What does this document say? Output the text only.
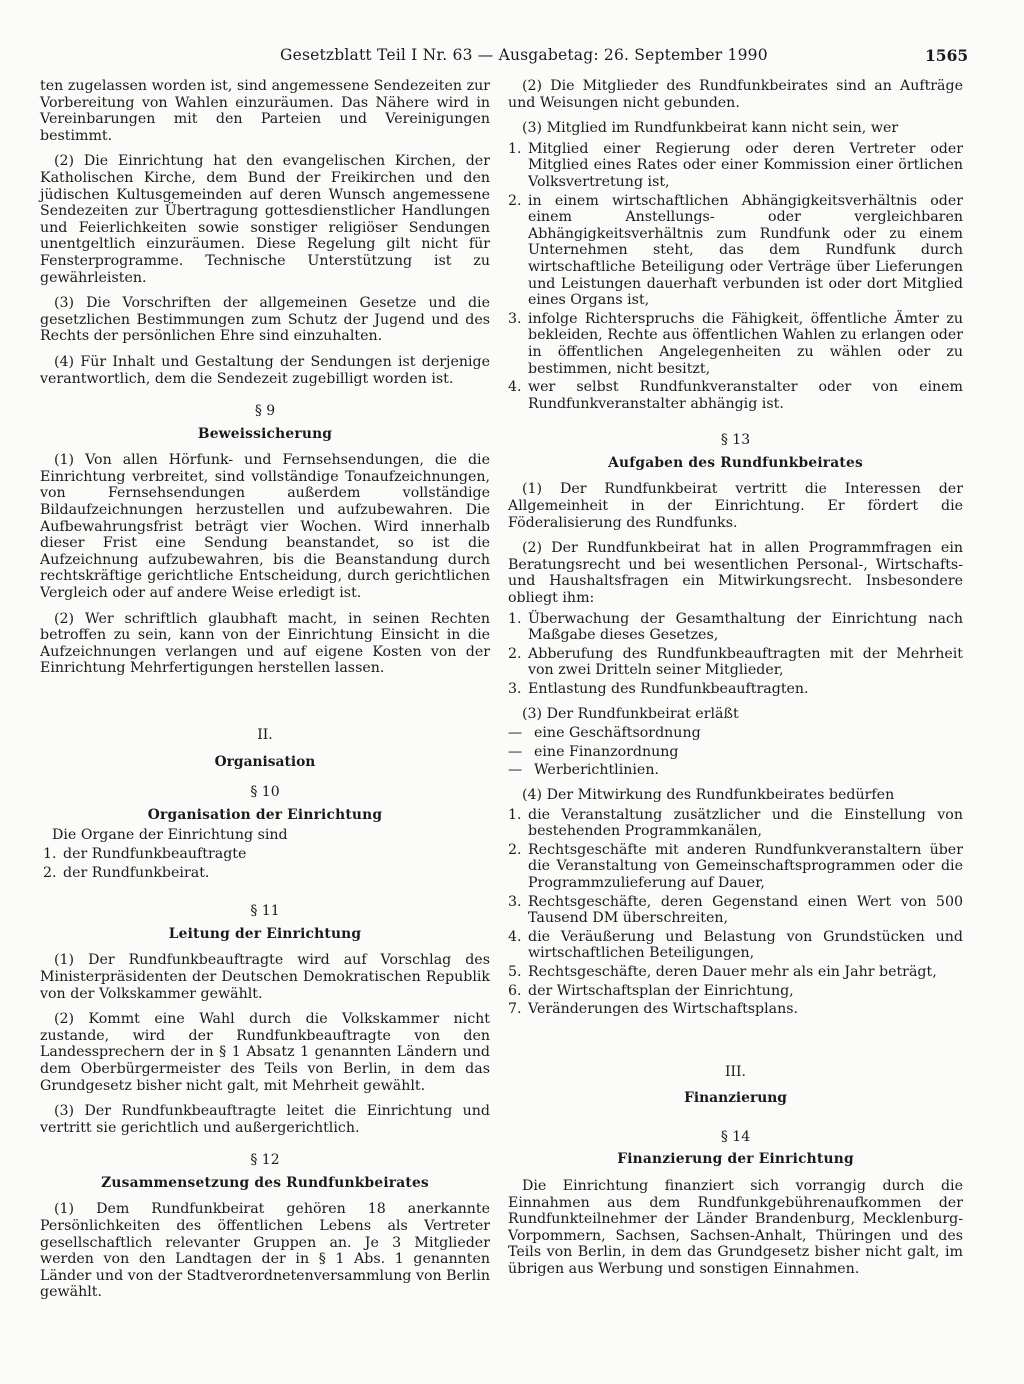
Gesetzblatt Teil I Nr. 63 — Ausgabetag: 26. September 1990	1565

ten zugelassen worden ist, sind angemessene Sendezeiten zur Vorbereitung von Wahlen einzuräumen. Das Nähere wird in Vereinbarungen mit den Parteien und Vereinigungen bestimmt.

(2) Die Einrichtung hat den evangelischen Kirchen, der Katholischen Kirche, dem Bund der Freikirchen und den jüdischen Kultusgemeinden auf deren Wunsch angemessene Sendezeiten zur Übertragung gottesdienstlicher Handlungen und Feierlichkeiten sowie sonstiger religiöser Sendungen unentgeltlich einzuräumen. Diese Regelung gilt nicht für Fensterprogramme. Technische Unterstützung ist zu gewährleisten.

(3) Die Vorschriften der allgemeinen Gesetze und die gesetzlichen Bestimmungen zum Schutz der Jugend und des Rechts der persönlichen Ehre sind einzuhalten.

(4) Für Inhalt und Gestaltung der Sendungen ist derjenige verantwortlich, dem die Sendezeit zugebilligt worden ist.

§ 9
Beweissicherung

(1) Von allen Hörfunk- und Fernsehsendungen, die die Einrichtung verbreitet, sind vollständige Tonaufzeichnungen, von Fernsehsendungen außerdem vollständige Bildaufzeichnungen herzustellen und aufzubewahren. Die Aufbewahrungsfrist beträgt vier Wochen. Wird innerhalb dieser Frist eine Sendung beanstandet, so ist die Aufzeichnung aufzubewahren, bis die Beanstandung durch rechtskräftige gerichtliche Entscheidung, durch gerichtlichen Vergleich oder auf andere Weise erledigt ist.

(2) Wer schriftlich glaubhaft macht, in seinen Rechten betroffen zu sein, kann von der Einrichtung Einsicht in die Aufzeichnungen verlangen und auf eigene Kosten von der Einrichtung Mehrfertigungen herstellen lassen.

II.
Organisation
§ 10
Organisation der Einrichtung

Die Organe der Einrichtung sind

1. der Rundfunkbeauftragte
2. der Rundfunkbeirat.
§ 11
Leitung der Einrichtung

(1) Der Rundfunkbeauftragte wird auf Vorschlag des Ministerpräsidenten der Deutschen Demokratischen Republik von der Volkskammer gewählt.

(2) Kommt eine Wahl durch die Volkskammer nicht zustande, wird der Rundfunkbeauftragte von den Landessprechern der in § 1 Absatz 1 genannten Ländern und dem Oberbürgermeister des Teils von Berlin, in dem das Grundgesetz bisher nicht galt, mit Mehrheit gewählt.

(3) Der Rundfunkbeauftragte leitet die Einrichtung und vertritt sie gerichtlich und außergerichtlich.

§ 12
Zusammensetzung des Rundfunkbeirates

(1) Dem Rundfunkbeirat gehören 18 anerkannte Persönlichkeiten des öffentlichen Lebens als Vertreter gesellschaftlich relevanter Gruppen an. Je 3 Mitglieder werden von den Landtagen der in § 1 Abs. 1 genannten Länder und von der Stadtverordnetenversammlung von Berlin gewählt.

(2) Die Mitglieder des Rundfunkbeirates sind an Aufträge und Weisungen nicht gebunden.

(3) Mitglied im Rundfunkbeirat kann nicht sein, wer

1. Mitglied einer Regierung oder deren Vertreter oder Mitglied eines Rates oder einer Kommission einer örtlichen Volksvertretung ist,
2. in einem wirtschaftlichen Abhängigkeitsverhältnis oder einem Anstellungs- oder vergleichbaren Abhängigkeitsverhältnis zum Rundfunk oder zu einem Unternehmen steht, das dem Rundfunk durch wirtschaftliche Beteiligung oder Verträge über Lieferungen und Leistungen dauerhaft verbunden ist oder dort Mitglied eines Organs ist,
3. infolge Richterspruchs die Fähigkeit, öffentliche Ämter zu bekleiden, Rechte aus öffentlichen Wahlen zu erlangen oder in öffentlichen Angelegenheiten zu wählen oder zu bestimmen, nicht besitzt,
4. wer selbst Rundfunkveranstalter oder von einem Rundfunkveranstalter abhängig ist.
§ 13
Aufgaben des Rundfunkbeirates

(1) Der Rundfunkbeirat vertritt die Interessen der Allgemeinheit in der Einrichtung. Er fördert die Föderalisierung des Rundfunks.

(2) Der Rundfunkbeirat hat in allen Programmfragen ein Beratungsrecht und bei wesentlichen Personal-, Wirtschafts- und Haushaltsfragen ein Mitwirkungsrecht. Insbesondere obliegt ihm:

1. Überwachung der Gesamthaltung der Einrichtung nach Maßgabe dieses Gesetzes,
2. Abberufung des Rundfunkbeauftragten mit der Mehrheit von zwei Dritteln seiner Mitglieder,
3. Entlastung des Rundfunkbeauftragten.

(3) Der Rundfunkbeirat erläßt

— eine Geschäftsordnung
— eine Finanzordnung
— Werberichtlinien.

(4) Der Mitwirkung des Rundfunkbeirates bedürfen

1. die Veranstaltung zusätzlicher und die Einstellung von bestehenden Programmkanälen,
2. Rechtsgeschäfte mit anderen Rundfunkveranstaltern über die Veranstaltung von Gemeinschaftsprogrammen oder die Programmzulieferung auf Dauer,
3. Rechtsgeschäfte, deren Gegenstand einen Wert von 500 Tausend DM überschreiten,
4. die Veräußerung und Belastung von Grundstücken und wirtschaftlichen Beteiligungen,
5. Rechtsgeschäfte, deren Dauer mehr als ein Jahr beträgt,
6. der Wirtschaftsplan der Einrichtung,
7. Veränderungen des Wirtschaftsplans.
III.
Finanzierung
§ 14
Finanzierung der Einrichtung

Die Einrichtung finanziert sich vorrangig durch die Einnahmen aus dem Rundfunkgebührenaufkommen der Rundfunkteilnehmer der Länder Brandenburg, Mecklenburg-Vorpommern, Sachsen, Sachsen-Anhalt, Thüringen und des Teils von Berlin, in dem das Grundgesetz bisher nicht galt, im übrigen aus Werbung und sonstigen Einnahmen.
